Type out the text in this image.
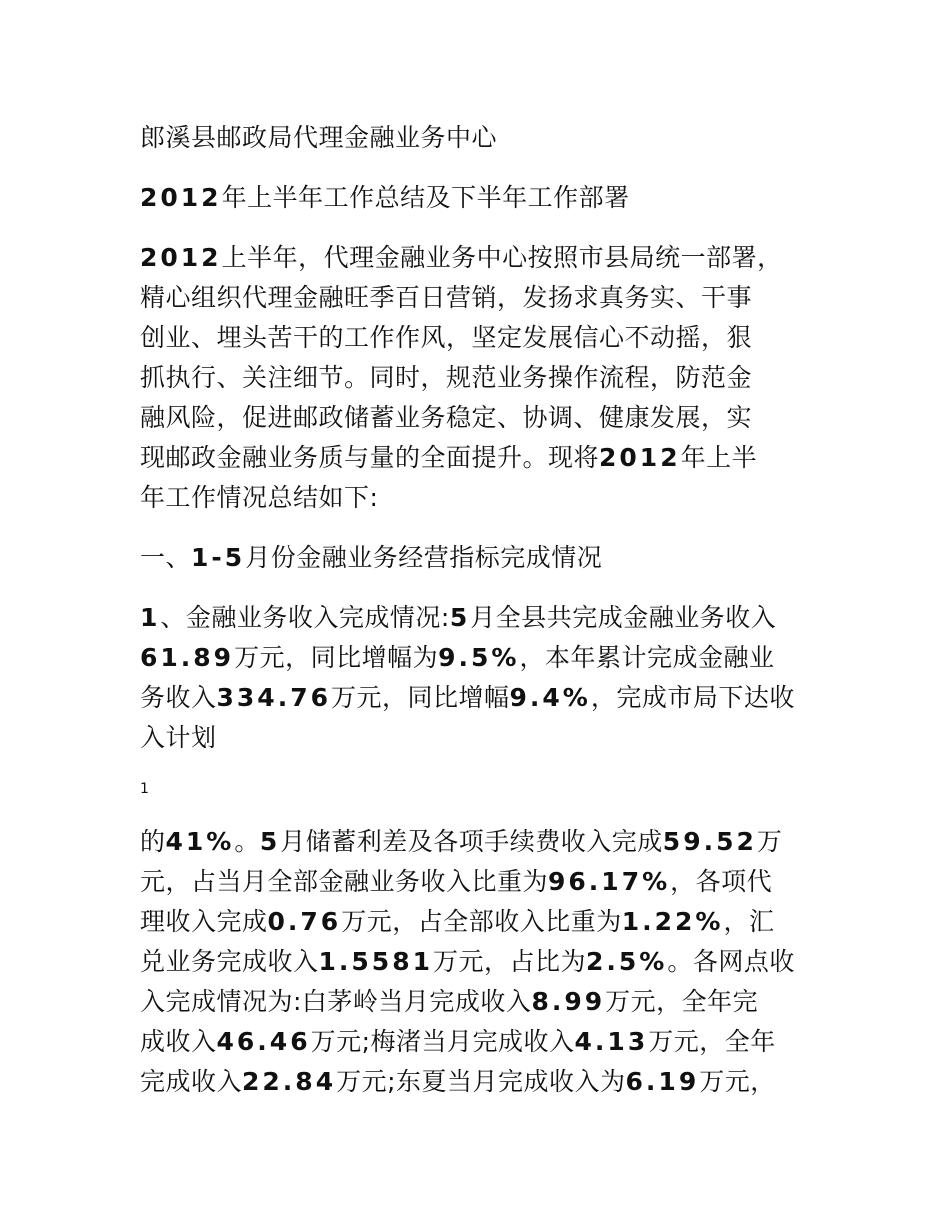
郎溪县邮政局代理金融业务中心
2012年上半年工作总结及下半年工作部署
2012上半年，代理金融业务中心按照市县局统一部署，
精心组织代理金融旺季百日营销，发扬求真务实、干事
创业、埋头苦干的工作作风，坚定发展信心不动摇，狠
抓执行、关注细节。同时，规范业务操作流程，防范金
融风险，促进邮政储蓄业务稳定、协调、健康发展，实
现邮政金融业务质与量的全面提升。现将2012年上半
年工作情况总结如下:
一、1-5月份金融业务经营指标完成情况
1、金融业务收入完成情况:5月全县共完成金融业务收入
61.89万元，同比增幅为9.5%，本年累计完成金融业
务收入334.76万元，同比增幅9.4%，完成市局下达收
入计划
1
的41%。5月储蓄利差及各项手续费收入完成59.52万
元，占当月全部金融业务收入比重为96.17%，各项代
理收入完成0.76万元，占全部收入比重为1.22%，汇
兑业务完成收入1.5581万元，占比为2.5%。各网点收
入完成情况为:白茅岭当月完成收入8.99万元，全年完
成收入46.46万元;梅渚当月完成收入4.13万元，全年
完成收入22.84万元;东夏当月完成收入为6.19万元，
